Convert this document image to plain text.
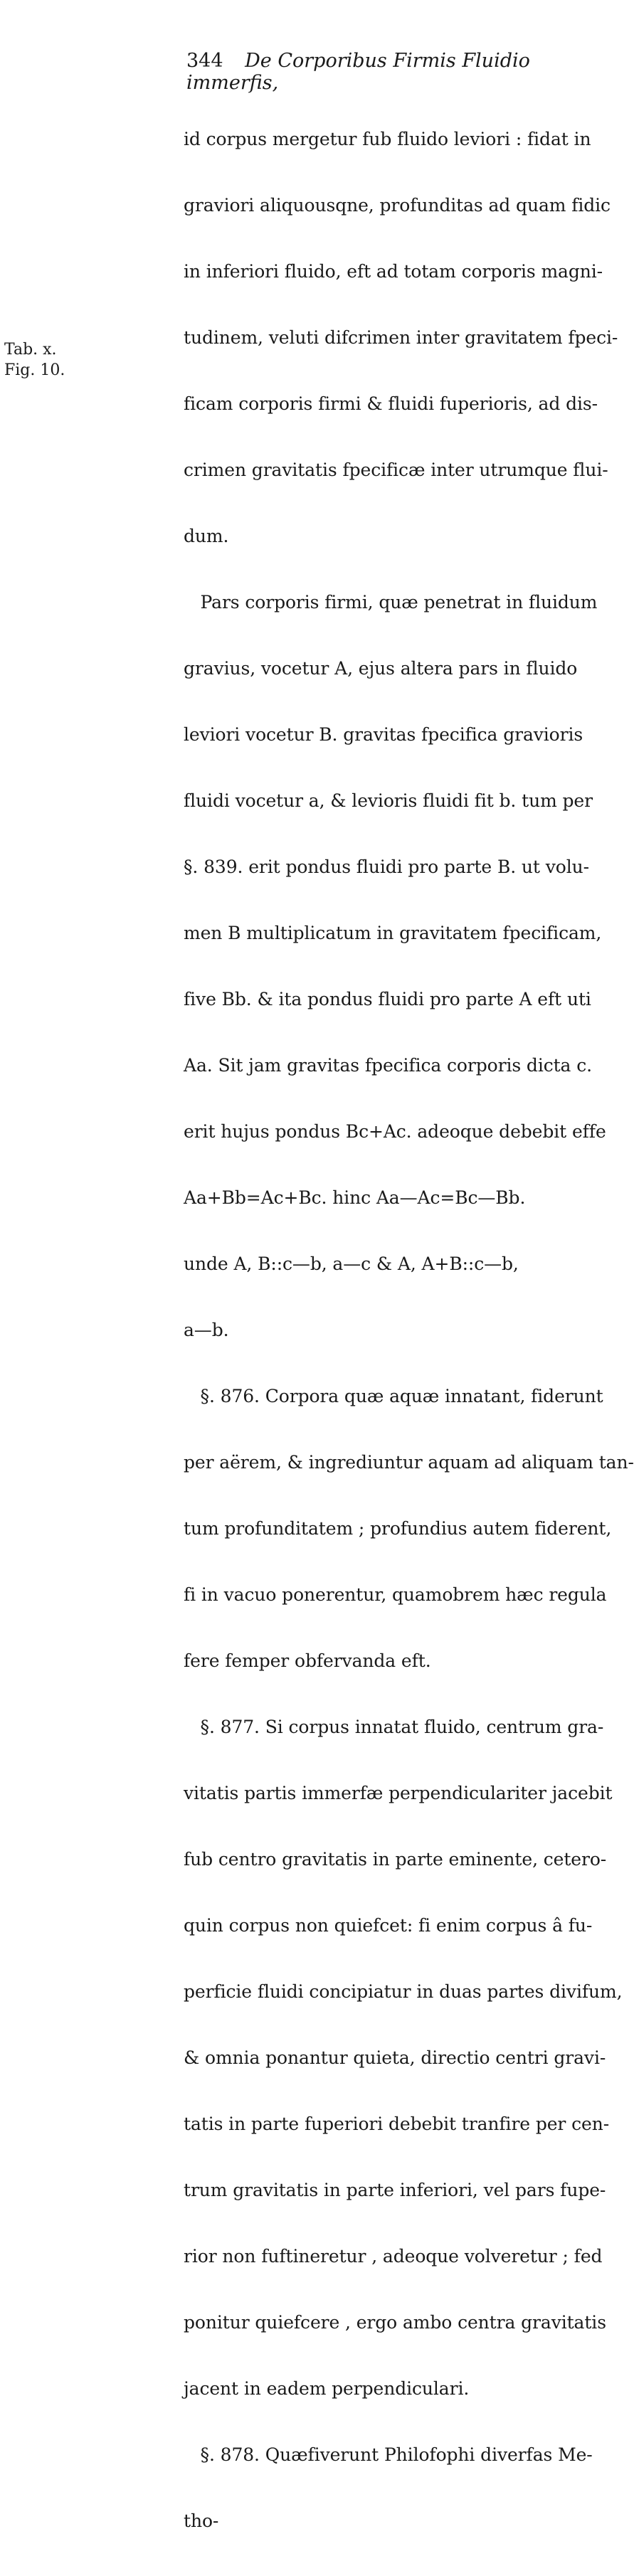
344 De Corporibus Firmis Fluidio immerfis,
Tab. x.
Fig. 10.

id corpus mergetur fub fluido leviori : fidat in

graviori aliquousqne, profunditas ad quam fidic

in inferiori fluido, eft ad totam corporis magni-

tudinem, veluti difcrimen inter gravitatem fpeci-

ficam corporis firmi & fluidi fuperioris, ad dis-

crimen gravitatis fpecificæ inter utrumque flui-

dum.

Pars corporis firmi, quæ penetrat in fluidum

gravius, vocetur A, ejus altera pars in fluido

leviori vocetur B. gravitas fpecifica gravioris

fluidi vocetur a, & levioris fluidi fit b. tum per

§. 839. erit pondus fluidi pro parte B. ut volu-

men B multiplicatum in gravitatem fpecificam,

five Bb. & ita pondus fluidi pro parte A eft uti

Aa. Sit jam gravitas fpecifica corporis dicta c.

erit hujus pondus Bc+Ac. adeoque debebit effe

Aa+Bb=Ac+Bc. hinc Aa—Ac=Bc—Bb.

unde A, B::c—b, a—c & A, A+B::c—b,

a—b.

§. 876. Corpora quæ aquæ innatant, fiderunt

per aërem, & ingrediuntur aquam ad aliquam tan-

tum profunditatem ; profundius autem fiderent,

fi in vacuo ponerentur, quamobrem hæc regula

fere femper obfervanda eft.

§. 877. Si corpus innatat fluido, centrum gra-

vitatis partis immerfæ perpendiculariter jacebit

fub centro gravitatis in parte eminente, cetero-

quin corpus non quiefcet: fi enim corpus â fu-

perficie fluidi concipiatur in duas partes divifum,

& omnia ponantur quieta, directio centri gravi-

tatis in parte fuperiori debebit tranfire per cen-

trum gravitatis in parte inferiori, vel pars fupe-

rior non fuftineretur , adeoque volveretur ; fed

ponitur quiefcere , ergo ambo centra gravitatis

jacent in eadem perpendiculari.

§. 878. Quæfiverunt Philofophi diverfas Me-

tho-
